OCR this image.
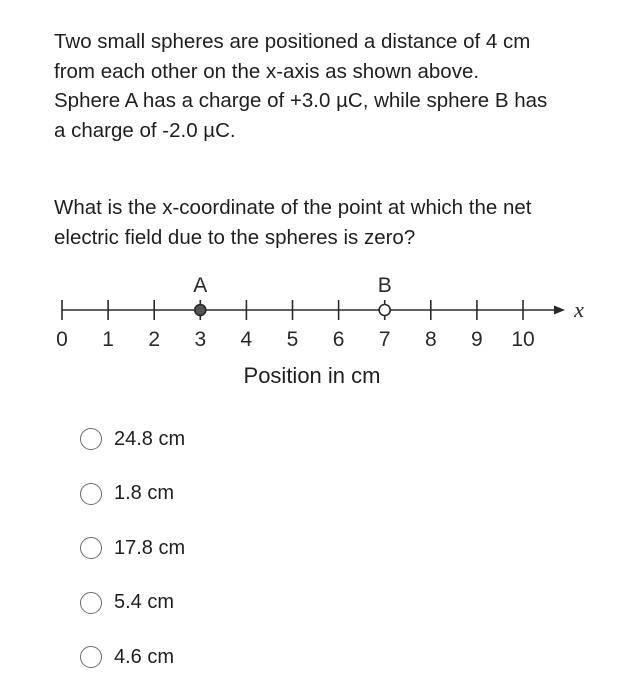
Two small spheres are positioned a distance of 4 cm
from each other on the x-axis as shown above.
Sphere A has a charge of +3.0 µC, while sphere B has
a charge of -2.0 µC.
What is the x-coordinate of the point at which the net
electric field due to the spheres is zero?
x
0 1 2 3 4 5 6 7 8 9 10
A	B
Position in cm
24.8 cm
1.8 cm
17.8 cm
5.4 cm
4.6 cm
